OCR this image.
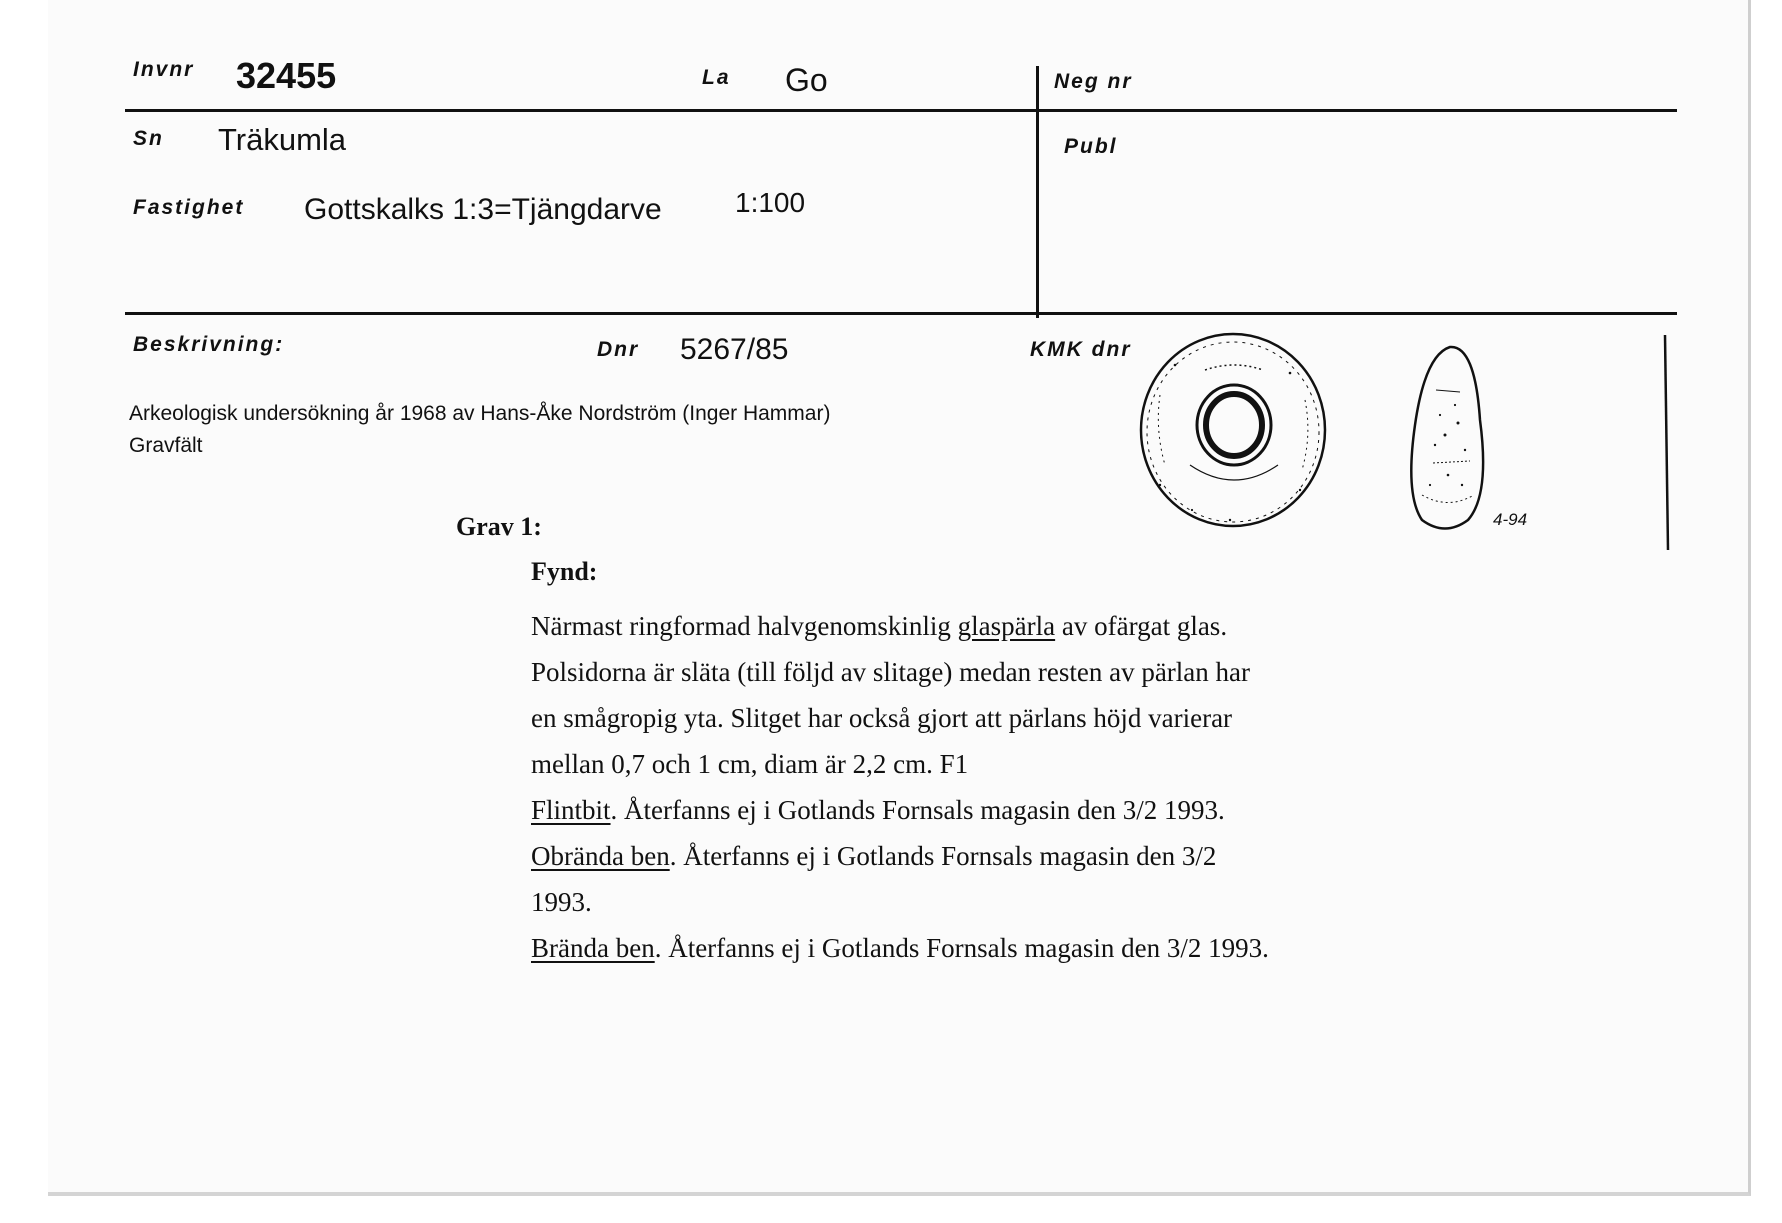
Invnr 32455	La Go	Neg nr
Sn Träkumla	Publ
Fastighet Gottskalks 1:3=Tjängdarve	1:100
Beskrivning:	Dnr 5267/85	KMK dnr
Arkeologisk undersökning år 1968 av Hans-Åke Nordström (Inger Hammar)
Gravfält
4-94
Grav 1:
Fynd:
Närmast ringformad halvgenomskinlig glaspärla av ofärgat glas.
Polsidorna är släta (till följd av slitage) medan resten av pärlan har
en smågropig yta. Slitget har också gjort att pärlans höjd varierar
mellan 0,7 och 1 cm, diam är 2,2 cm. F1
Flintbit. Återfanns ej i Gotlands Fornsals magasin den 3/2 1993.
Obrända ben. Återfanns ej i Gotlands Fornsals magasin den 3/2
1993.
Brända ben. Återfanns ej i Gotlands Fornsals magasin den 3/2 1993.
